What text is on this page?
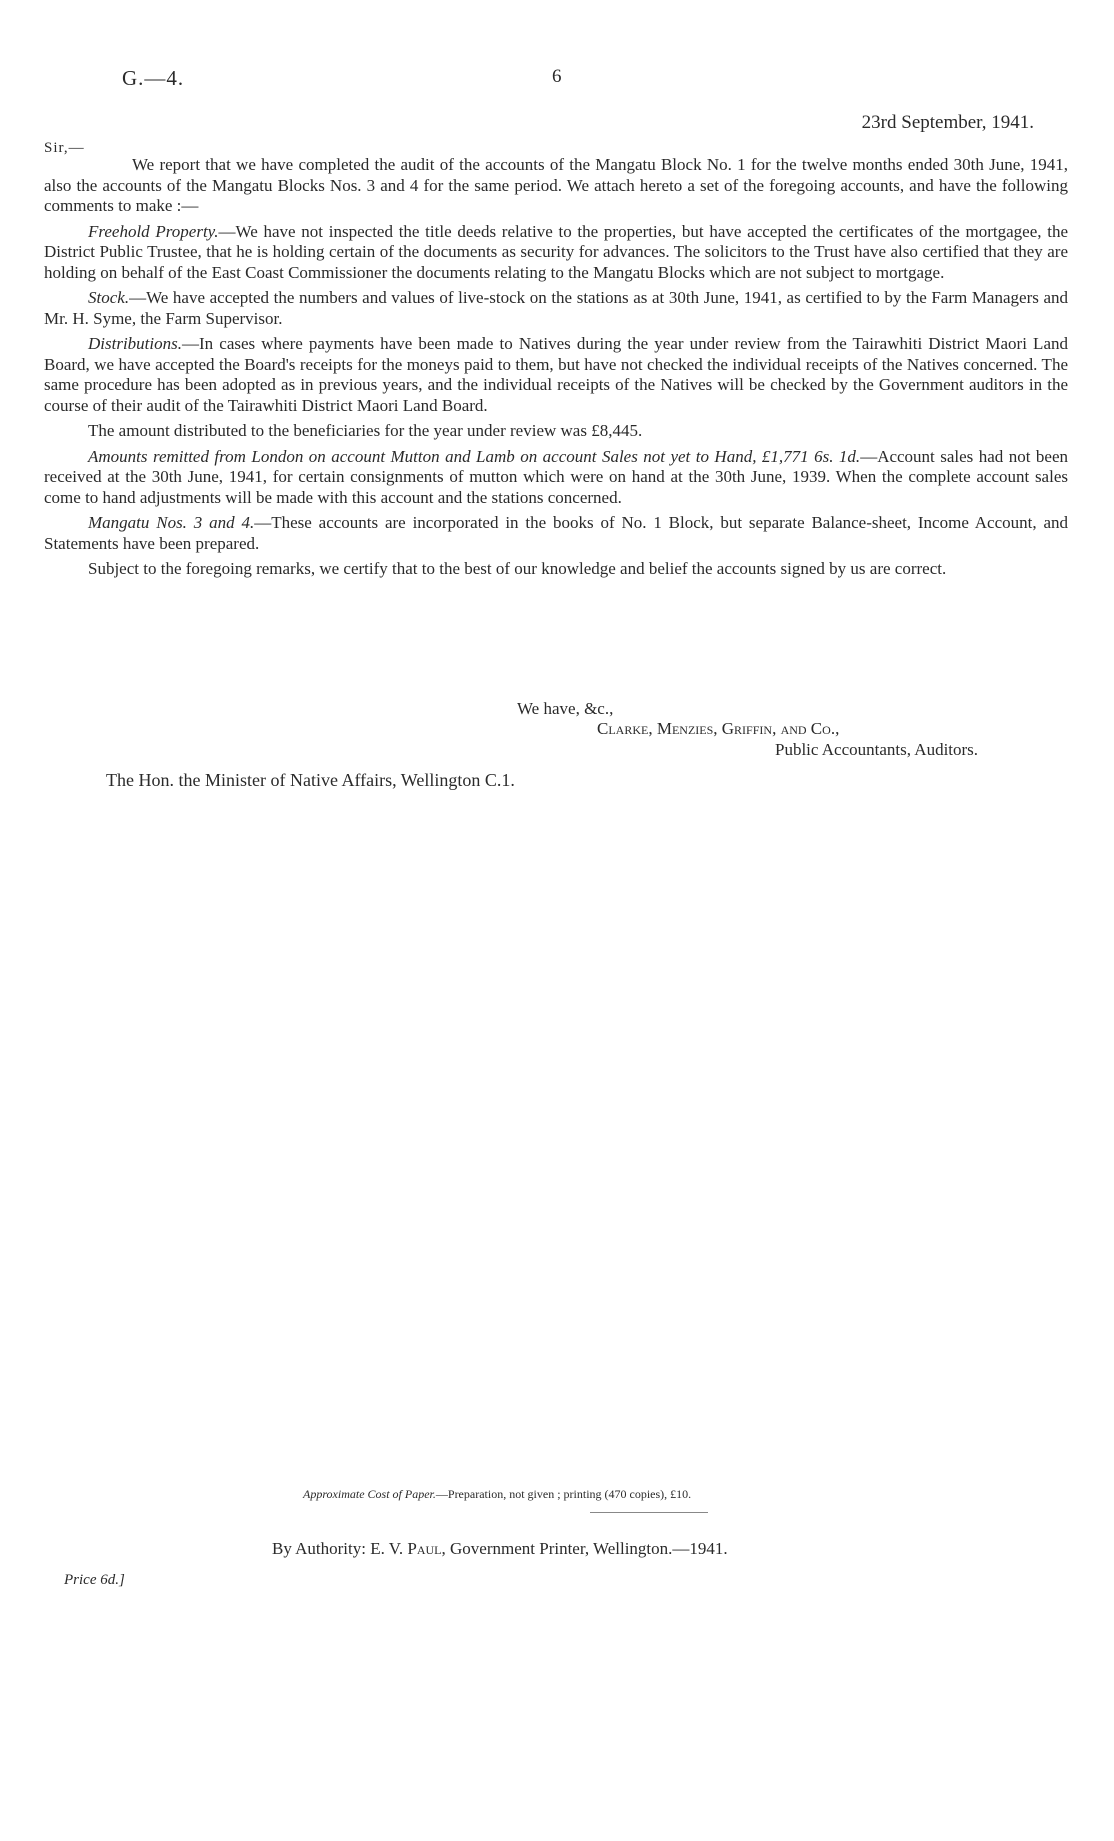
G.—4.	6
23rd September, 1941.
Sir,—

We report that we have completed the audit of the accounts of the Mangatu Block No. 1 for the twelve months ended 30th June, 1941, also the accounts of the Mangatu Blocks Nos. 3 and 4 for the same period. We attach hereto a set of the foregoing accounts, and have the following comments to make :—

Freehold Property.—We have not inspected the title deeds relative to the properties, but have accepted the certificates of the mortgagee, the District Public Trustee, that he is holding certain of the documents as security for advances. The solicitors to the Trust have also certified that they are holding on behalf of the East Coast Commissioner the documents relating to the Mangatu Blocks which are not subject to mortgage.

Stock.—We have accepted the numbers and values of live-stock on the stations as at 30th June, 1941, as certified to by the Farm Managers and Mr. H. Syme, the Farm Supervisor.

Distributions.—In cases where payments have been made to Natives during the year under review from the Tairawhiti District Maori Land Board, we have accepted the Board's receipts for the moneys paid to them, but have not checked the individual receipts of the Natives concerned. The same procedure has been adopted as in previous years, and the individual receipts of the Natives will be checked by the Government auditors in the course of their audit of the Tairawhiti District Maori Land Board.

The amount distributed to the beneficiaries for the year under review was £8,445.

Amounts remitted from London on account Mutton and Lamb on account Sales not yet to Hand, £1,771 6s. 1d.—Account sales had not been received at the 30th June, 1941, for certain consignments of mutton which were on hand at the 30th June, 1939. When the complete account sales come to hand adjustments will be made with this account and the stations concerned.

Mangatu Nos. 3 and 4.—These accounts are incorporated in the books of No. 1 Block, but separate Balance-sheet, Income Account, and Statements have been prepared.

Subject to the foregoing remarks, we certify that to the best of our knowledge and belief the accounts signed by us are correct.

We have, &c.,
Clarke, Menzies, Griffin, and Co.,
Public Accountants, Auditors.
The Hon. the Minister of Native Affairs, Wellington C.1.
Approximate Cost of Paper.—Preparation, not given ; printing (470 copies), £10.
By Authority: E. V. Paul, Government Printer, Wellington.—1941.
Price 6d.]
